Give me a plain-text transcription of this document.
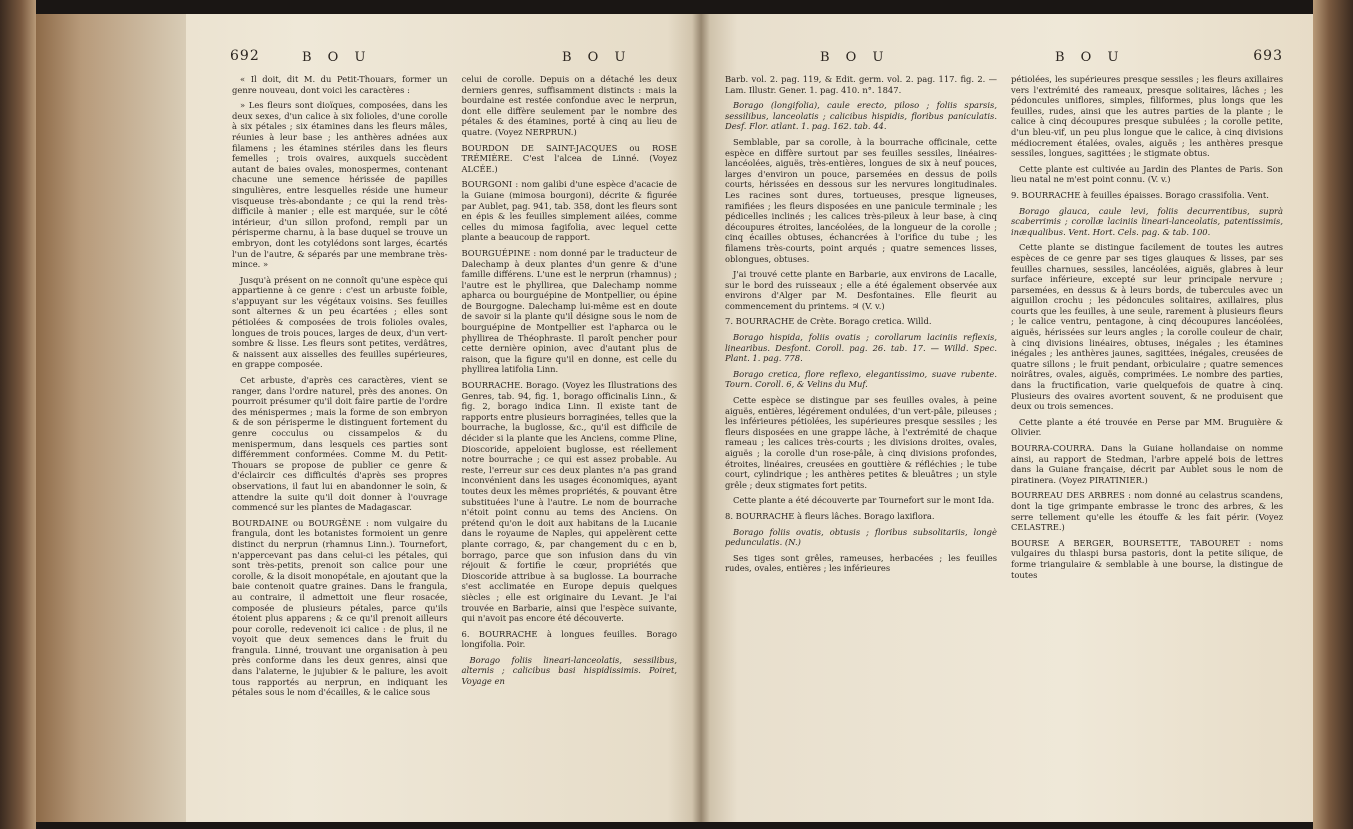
692	B O U	B O U

« Il doit, dit M. du Petit-Thouars, former un genre nouveau, dont voici les caractères :

» Les fleurs sont dioïques, composées, dans les deux sexes, d'un calice à six folioles, d'une corolle à six pétales ; six étamines dans les fleurs mâles, réunies à leur base ; les anthères adnées aux filamens ; les étamines stériles dans les fleurs femelles ; trois ovaires, auxquels succèdent autant de baies ovales, monospermes, contenant chacune une semence hérissée de papilles singulières, entre lesquelles réside une humeur visqueuse très-abondante ; ce qui la rend très-difficile à manier ; elle est marquée, sur le côté intérieur, d'un sillon profond, rempli par un périsperme charnu, à la base duquel se trouve un embryon, dont les cotylédons sont larges, écartés l'un de l'autre, & séparés par une membrane très-mince. »

Jusqu'à présent on ne connoît qu'une espèce qui appartienne à ce genre : c'est un arbuste foible, s'appuyant sur les végétaux voisins. Ses feuilles sont alternes & un peu écartées ; elles sont pétiolées & composées de trois folioles ovales, longues de trois pouces, larges de deux, d'un vert-sombre & lisse. Les fleurs sont petites, verdâtres, & naissent aux aisselles des feuilles supérieures, en grappe composée.

Cet arbuste, d'après ces caractères, vient se ranger, dans l'ordre naturel, près des anones. On pourroit présumer qu'il doit faire partie de l'ordre des ménispermes ; mais la forme de son embryon & de son périsperme le distinguent fortement du genre cocculus ou cissampelos & du menispermum, dans lesquels ces parties sont différemment conformées. Comme M. du Petit-Thouars se propose de publier ce genre & d'éclaircir ces difficultés d'après ses propres observations, il faut lui en abandonner le soin, & attendre la suite qu'il doit donner à l'ouvrage commencé sur les plantes de Madagascar.

BOURDAINE ou BOURGÈNE : nom vulgaire du frangula, dont les botanistes formoient un genre distinct du nerprun (rhamnus Linn.). Tournefort, n'appercevant pas dans celui-ci les pétales, qui sont très-petits, prenoit son calice pour une corolle, & la disoit monopétale, en ajoutant que la baie contenoit quatre graines. Dans le frangula, au contraire, il admettoit une fleur rosacée, composée de plusieurs pétales, parce qu'ils étoient plus apparens ; & ce qu'il prenoit ailleurs pour corolle, redevenoit ici calice : de plus, il ne voyoit que deux semences dans le fruit du frangula. Linné, trouvant une organisation à peu près conforme dans les deux genres, ainsi que dans l'alaterne, le jujubier & le paliure, les avoit tous rapportés au nerprun, en indiquant les pétales sous le nom d'écailles, & le calice sous

celui de corolle. Depuis on a détaché les deux derniers genres, suffisamment distincts : mais la bourdaine est restée confondue avec le nerprun, dont elle diffère seulement par le nombre des pétales & des étamines, porté à cinq au lieu de quatre. (Voyez NERPRUN.)

BOURDON DE SAINT-JACQUES ou ROSE TRÉMIÈRE. C'est l'alcea de Linné. (Voyez ALCÉE.)

BOURGONI : nom galibi d'une espèce d'acacie de la Guiane (mimosa bourgoni), décrite & figurée par Aublet, pag. 941, tab. 358, dont les fleurs sont en épis & les feuilles simplement ailées, comme celles du mimosa fagifolia, avec lequel cette plante a beaucoup de rapport.

BOURGUÉPINE : nom donné par le traducteur de Dalechamp à deux plantes d'un genre & d'une famille différens. L'une est le nerprun (rhamnus) ; l'autre est le phyllirea, que Dalechamp nomme apharca ou bourguépine de Montpellier, ou épine de Bourgogne. Dalechamp lui-même est en doute de savoir si la plante qu'il désigne sous le nom de bourguépine de Montpellier est l'apharca ou le phyllirea de Théophraste. Il paroît pencher pour cette dernière opinion, avec d'autant plus de raison, que la figure qu'il en donne, est celle du phyllirea latifolia Linn.

BOURRACHE. Borago. (Voyez les Illustrations des Genres, tab. 94, fig. 1, borago officinalis Linn., & fig. 2, borago indica Linn. Il existe tant de rapports entre plusieurs borraginées, telles que la bourrache, la buglosse, &c., qu'il est difficile de décider si la plante que les Anciens, comme Pline, Dioscoride, appeloient buglosse, est réellement notre bourrache ; ce qui est assez probable. Au reste, l'erreur sur ces deux plantes n'a pas grand inconvénient dans les usages économiques, ayant toutes deux les mêmes propriétés, & pouvant être substituées l'une à l'autre. Le nom de bourrache n'étoit point connu au tems des Anciens. On prétend qu'on le doit aux habitans de la Lucanie dans le royaume de Naples, qui appelèrent cette plante corrago, &, par changement du c en b, borrago, parce que son infusion dans du vin réjouit & fortifie le cœur, propriétés que Dioscoride attribue à sa buglosse. La bourrache s'est acclimatée en Europe depuis quelques siècles ; elle est originaire du Levant. Je l'ai trouvée en Barbarie, ainsi que l'espèce suivante, qui n'avoit pas encore été découverte.

6. BOURRACHE à longues feuilles. Borago longifolia. Poir.

Borago foliis lineari-lanceolatis, sessilibus, alternis ; calicibus basi hispidissimis. Poiret, Voyage en

B O U	B O U	693

Barb. vol. 2. pag. 119, & Edit. germ. vol. 2. pag. 117. fig. 2. — Lam. Illustr. Gener. 1. pag. 410. n°. 1847.

Borago (longifolia), caule erecto, piloso ; foliis sparsis, sessilibus, lanceolatis ; calicibus hispidis, floribus paniculatis. Desf. Flor. atlant. 1. pag. 162. tab. 44.

Semblable, par sa corolle, à la bourrache officinale, cette espèce en diffère surtout par ses feuilles sessiles, linéaires-lancéolées, aiguës, très-entières, longues de six à neuf pouces, larges d'environ un pouce, parsemées en dessus de poils courts, hérissées en dessous sur les nervures longitudinales. Les racines sont dures, tortueuses, presque ligneuses, ramifiées ; les fleurs disposées en une panicule terminale ; les pédicelles inclinés ; les calices très-pileux à leur base, à cinq découpures étroites, lancéolées, de la longueur de la corolle ; cinq écailles obtuses, échancrées à l'orifice du tube ; les filamens très-courts, point arqués ; quatre semences lisses, oblongues, obtuses.

J'ai trouvé cette plante en Barbarie, aux environs de Lacalle, sur le bord des ruisseaux ; elle a été également observée aux environs d'Alger par M. Desfontaines. Elle fleurit au commencement du printems. ♃ (V. v.)

7. BOURRACHE de Crète. Borago cretica. Willd.

Borago hispida, foliis ovatis ; corollarum laciniis reflexis, linearibus. Desfont. Coroll. pag. 26. tab. 17. — Willd. Spec. Plant. 1. pag. 778.

Borago cretica, flore reflexo, elegantissimo, suave rubente. Tourn. Coroll. 6, & Velins du Muf.

Cette espèce se distingue par ses feuilles ovales, à peine aiguës, entières, légérement ondulées, d'un vert-pâle, pileuses ; les inférieures pétiolées, les supérieures presque sessiles ; les fleurs disposées en une grappe lâche, à l'extrémité de chaque rameau ; les calices très-courts ; les divisions droites, ovales, aiguës ; la corolle d'un rose-pâle, à cinq divisions profondes, étroites, linéaires, creusées en gouttière & réfléchies ; le tube court, cylindrique ; les anthères petites & bleuâtres ; un style grêle ; deux stigmates fort petits.

Cette plante a été découverte par Tournefort sur le mont Ida.

8. BOURRACHE à fleurs lâches. Borago laxiflora.

Borago foliis ovatis, obtusis ; floribus subsolitariis, longè pedunculatis. (N.)

Ses tiges sont grêles, rameuses, herbacées ; les feuilles rudes, ovales, entières ; les inférieures

pétiolées, les supérieures presque sessiles ; les fleurs axillaires vers l'extrémité des rameaux, presque solitaires, lâches ; les pédoncules uniflores, simples, filiformes, plus longs que les feuilles, rudes, ainsi que les autres parties de la plante ; le calice à cinq découpures presque subulées ; la corolle petite, d'un bleu-vif, un peu plus longue que le calice, à cinq divisions médiocrement étalées, ovales, aiguës ; les anthères presque sessiles, longues, sagittées ; le stigmate obtus.

Cette plante est cultivée au Jardin des Plantes de Paris. Son lieu natal ne m'est point connu. (V. v.)

9. BOURRACHE à feuilles épaisses. Borago crassifolia. Vent.

Borago glauca, caule levi, foliis decurrentibus, suprà scaberrimis ; corollæ laciniis lineari-lanceolatis, patentissimis, inæqualibus. Vent. Hort. Cels. pag. & tab. 100.

Cette plante se distingue facilement de toutes les autres espèces de ce genre par ses tiges glauques & lisses, par ses feuilles charnues, sessiles, lancéolées, aiguës, glabres à leur surface inférieure, excepté sur leur principale nervure ; parsemées, en dessus & à leurs bords, de tubercules avec un aiguillon crochu ; les pédoncules solitaires, axillaires, plus courts que les feuilles, à une seule, rarement à plusieurs fleurs ; le calice ventru, pentagone, à cinq découpures lancéolées, aiguës, hérissées sur leurs angles ; la corolle couleur de chair, à cinq divisions linéaires, obtuses, inégales ; les étamines inégales ; les anthères jaunes, sagittées, inégales, creusées de quatre sillons ; le fruit pendant, orbiculaire ; quatre semences noirâtres, ovales, aiguës, comprimées. Le nombre des parties, dans la fructification, varie quelquefois de quatre à cinq. Plusieurs des ovaires avortent souvent, & ne produisent que deux ou trois semences.

Cette plante a été trouvée en Perse par MM. Bruguière & Olivier.

BOURRA-COURRA. Dans la Guiane hollandaise on nomme ainsi, au rapport de Stedman, l'arbre appelé bois de lettres dans la Guiane française, décrit par Aublet sous le nom de piratinera. (Voyez PIRATINIER.)

BOURREAU DES ARBRES : nom donné au celastrus scandens, dont la tige grimpante embrasse le tronc des arbres, & les serre tellement qu'elle les étouffe & les fait périr. (Voyez CELASTRE.)

BOURSE A BERGER, BOURSETTE, TABOURET : noms vulgaires du thlaspi bursa pastoris, dont la petite silique, de forme triangulaire & semblable à une bourse, la distingue de toutes
